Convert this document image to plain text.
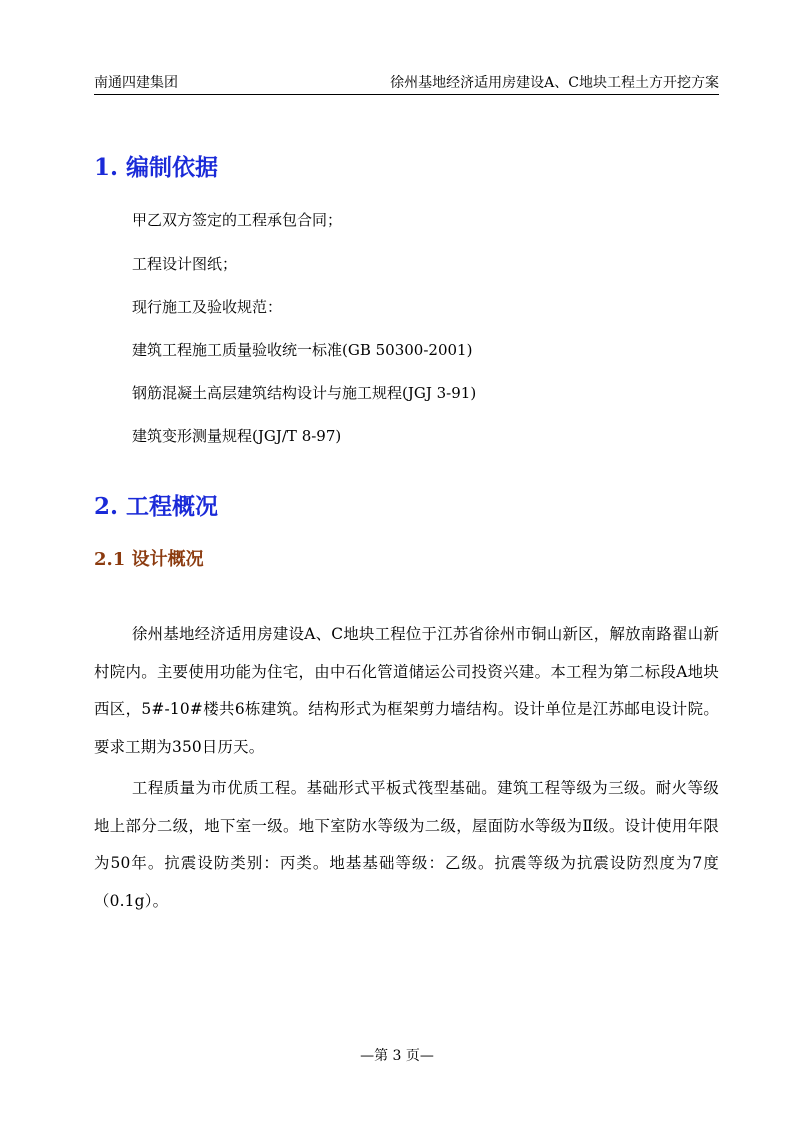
南通四建集团	徐州基地经济适用房建设A、C地块工程土方开挖方案
1. 编制依据

甲乙双方签定的工程承包合同；

工程设计图纸；

现行施工及验收规范：

建筑工程施工质量验收统一标准(GB 50300-2001)

钢筋混凝土高层建筑结构设计与施工规程(JGJ 3-91)

建筑变形测量规程(JGJ/T 8-97)

2. 工程概况
2.1 设计概况

徐州基地经济适用房建设A、C地块工程位于江苏省徐州市铜山新区，解放南路翟山新村院内。主要使用功能为住宅，由中石化管道储运公司投资兴建。本工程为第二标段A地块西区，5#-10#楼共6栋建筑。结构形式为框架剪力墙结构。设计单位是江苏邮电设计院。要求工期为350日历天。

工程质量为市优质工程。基础形式平板式筏型基础。建筑工程等级为三级。耐火等级地上部分二级，地下室一级。地下室防水等级为二级，屋面防水等级为Ⅱ级。设计使用年限为50年。抗震设防类别：丙类。地基基础等级：乙级。抗震等级为抗震设防烈度为7度（0.1g）。

—第 3 页—
